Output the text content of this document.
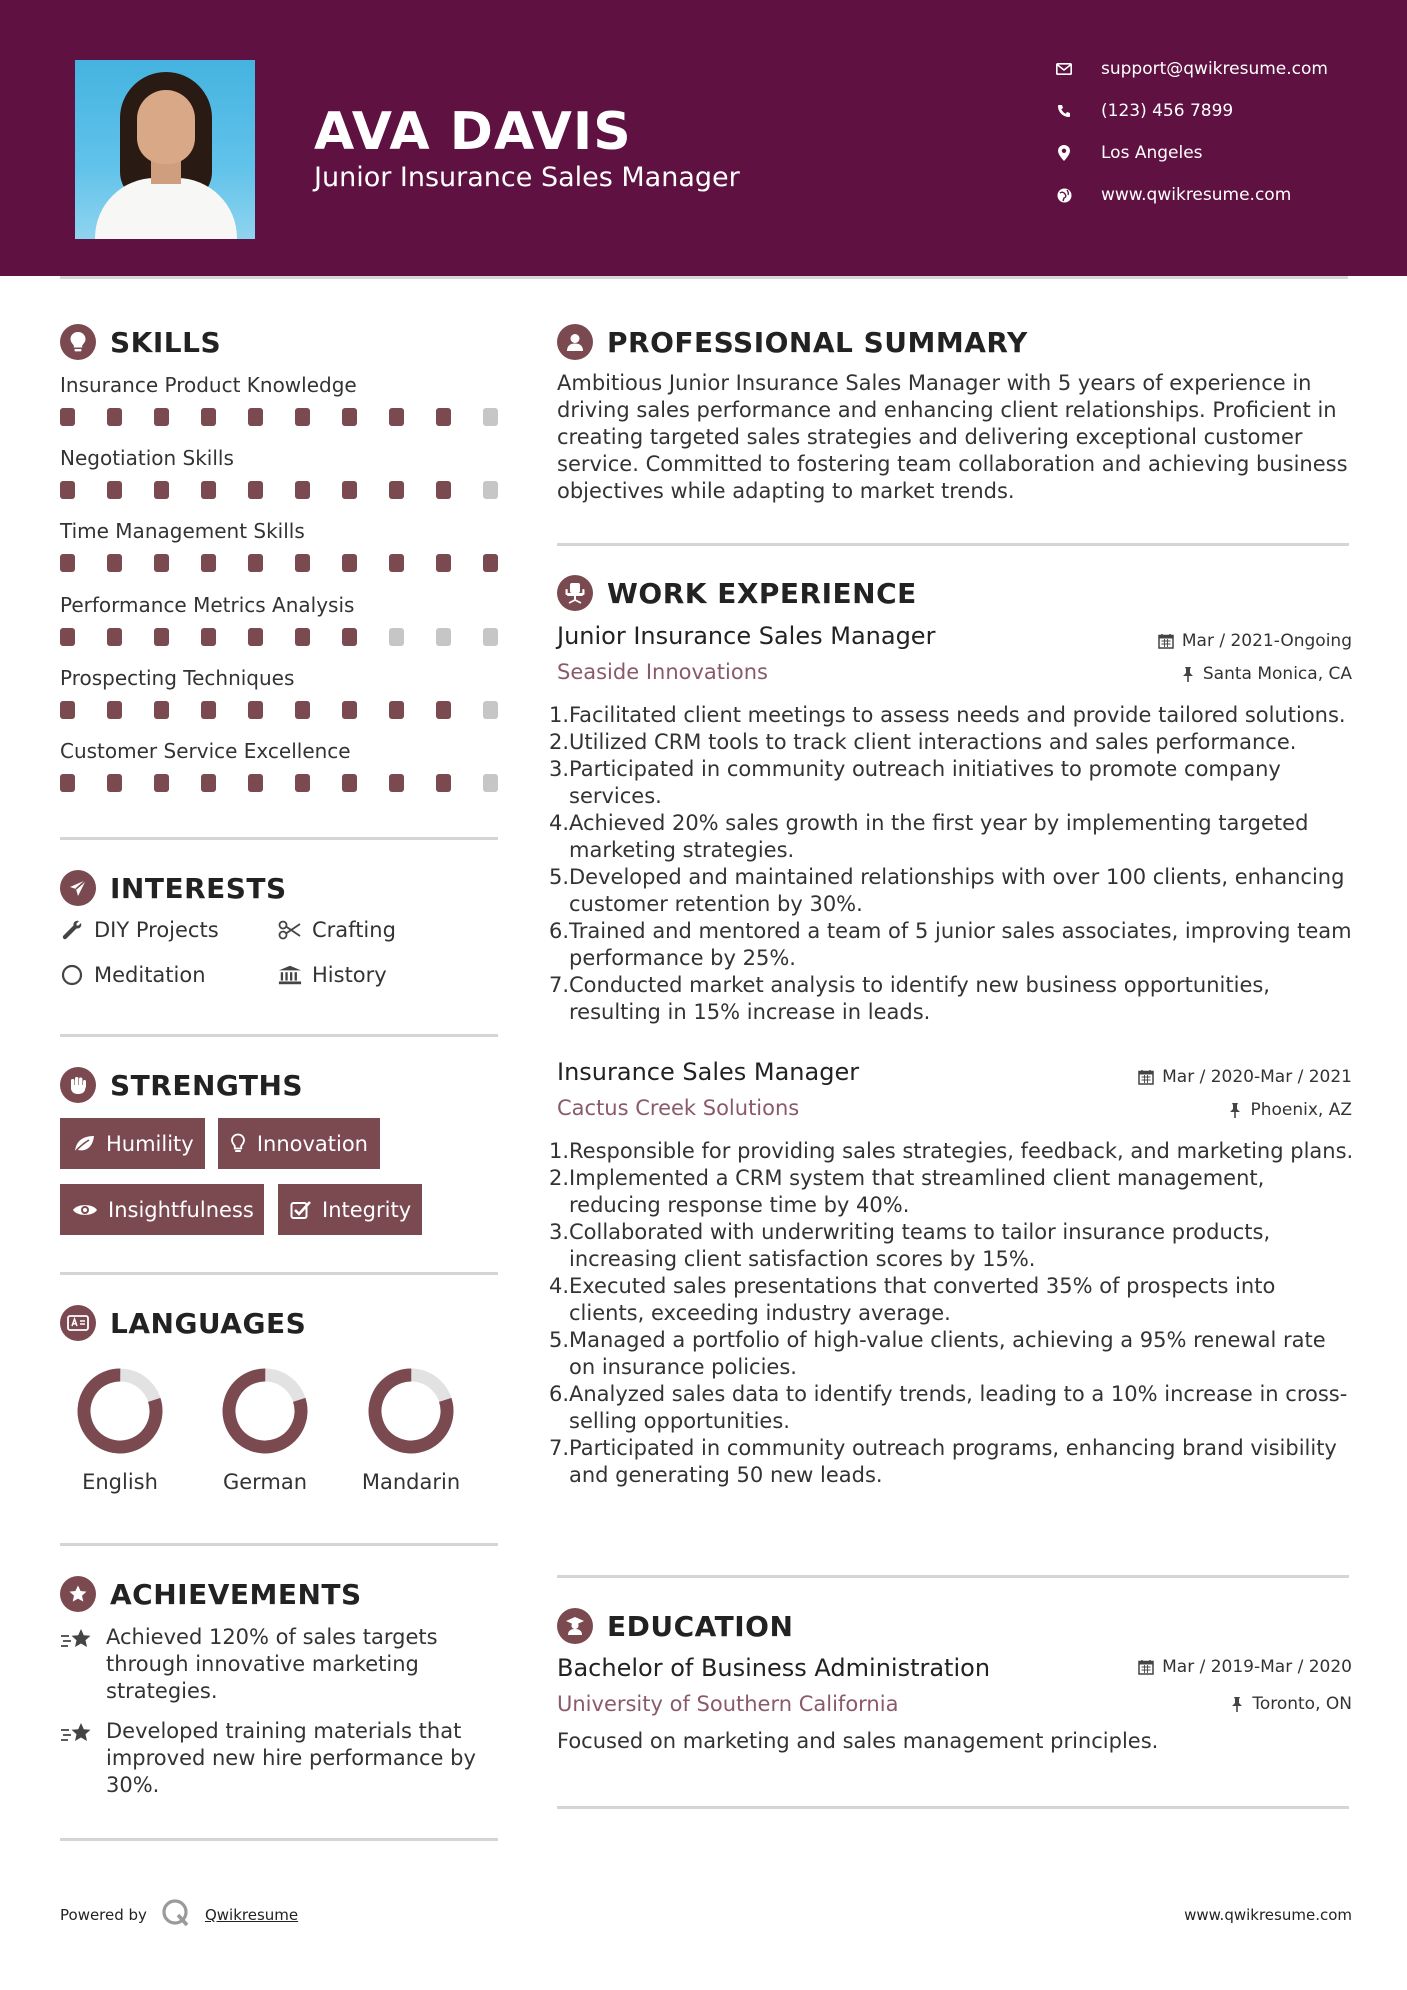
AVA DAVIS
Junior Insurance Sales Manager
support@qwikresume.com
(123) 456 7899
Los Angeles
www.qwikresume.com
SKILLS
Insurance Product Knowledge
Negotiation Skills
Time Management Skills
Performance Metrics Analysis
Prospecting Techniques
Customer Service Excellence
INTERESTS
DIY Projects	Crafting
Meditation	History
STRENGTHS
Humility	Innovation
Insightfulness	Integrity
LANGUAGES
English	German	Mandarin
ACHIEVEMENTS
Achieved 120% of sales targets through innovative marketing strategies.
Developed training materials that improved new hire performance by 30%.
PROFESSIONAL SUMMARY
Ambitious Junior Insurance Sales Manager with 5 years of experience in driving sales performance and enhancing client relationships. Proficient in creating targeted sales strategies and delivering exceptional customer service. Committed to fostering team collaboration and achieving business objectives while adapting to market trends.
WORK EXPERIENCE
Junior Insurance Sales Manager	Mar / 2021-Ongoing
Seaside Innovations	Santa Monica, CA
1. Facilitated client meetings to assess needs and provide tailored solutions.
2. Utilized CRM tools to track client interactions and sales performance.
3. Participated in community outreach initiatives to promote company services.
4. Achieved 20% sales growth in the first year by implementing targeted marketing strategies.
5. Developed and maintained relationships with over 100 clients, enhancing customer retention by 30%.
6. Trained and mentored a team of 5 junior sales associates, improving team performance by 25%.
7. Conducted market analysis to identify new business opportunities, resulting in 15% increase in leads.
Insurance Sales Manager	Mar / 2020-Mar / 2021
Cactus Creek Solutions	Phoenix, AZ
1. Responsible for providing sales strategies, feedback, and marketing plans.
2. Implemented a CRM system that streamlined client management, reducing response time by 40%.
3. Collaborated with underwriting teams to tailor insurance products, increasing client satisfaction scores by 15%.
4. Executed sales presentations that converted 35% of prospects into clients, exceeding industry average.
5. Managed a portfolio of high-value clients, achieving a 95% renewal rate on insurance policies.
6. Analyzed sales data to identify trends, leading to a 10% increase in cross-selling opportunities.
7. Participated in community outreach programs, enhancing brand visibility and generating 50 new leads.
EDUCATION
Bachelor of Business Administration	Mar / 2019-Mar / 2020
University of Southern California	Toronto, ON
Focused on marketing and sales management principles.
Powered by	Qwikresume	www.qwikresume.com
